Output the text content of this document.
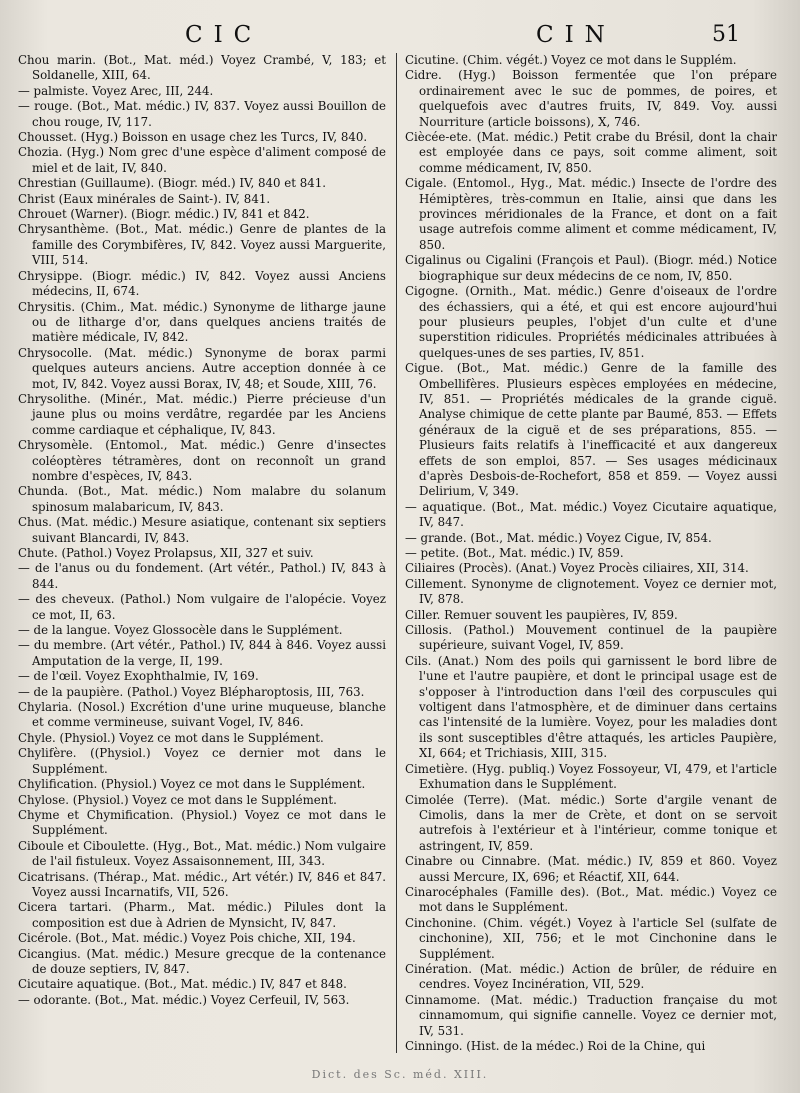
CIC	CIN	51

Chou marin. (Bot., Mat. méd.) Voyez Crambé, V, 183; et Soldanelle, XIII, 64.

— palmiste. Voyez Arec, III, 244.

— rouge. (Bot., Mat. médic.) IV, 837. Voyez aussi Bouillon de chou rouge, IV, 117.

Chousset. (Hyg.) Boisson en usage chez les Turcs, IV, 840.

Chozia. (Hyg.) Nom grec d'une espèce d'aliment composé de miel et de lait, IV, 840.

Chrestian (Guillaume). (Biogr. méd.) IV, 840 et 841.

Christ (Eaux minérales de Saint-). IV, 841.

Chrouet (Warner). (Biogr. médic.) IV, 841 et 842.

Chrysanthème. (Bot., Mat. médic.) Genre de plantes de la famille des Corymbifères, IV, 842. Voyez aussi Marguerite, VIII, 514.

Chrysippe. (Biogr. médic.) IV, 842. Voyez aussi Anciens médecins, II, 674.

Chrysitis. (Chim., Mat. médic.) Synonyme de litharge jaune ou de litharge d'or, dans quelques anciens traités de matière médicale, IV, 842.

Chrysocolle. (Mat. médic.) Synonyme de borax parmi quelques auteurs anciens. Autre acception donnée à ce mot, IV, 842. Voyez aussi Borax, IV, 48; et Soude, XIII, 76.

Chrysolithe. (Minér., Mat. médic.) Pierre précieuse d'un jaune plus ou moins verdâtre, regardée par les Anciens comme cardiaque et céphalique, IV, 843.

Chrysomèle. (Entomol., Mat. médic.) Genre d'insectes coléoptères tétramères, dont on reconnoît un grand nombre d'espèces, IV, 843.

Chunda. (Bot., Mat. médic.) Nom malabre du solanum spinosum malabaricum, IV, 843.

Chus. (Mat. médic.) Mesure asiatique, contenant six septiers suivant Blancardi, IV, 843.

Chute. (Pathol.) Voyez Prolapsus, XII, 327 et suiv.

— de l'anus ou du fondement. (Art vétér., Pathol.) IV, 843 à 844.

— des cheveux. (Pathol.) Nom vulgaire de l'alopécie. Voyez ce mot, II, 63.

— de la langue. Voyez Glossocèle dans le Supplément.

— du membre. (Art vétér., Pathol.) IV, 844 à 846. Voyez aussi Amputation de la verge, II, 199.

— de l'œil. Voyez Exophthalmie, IV, 169.

— de la paupière. (Pathol.) Voyez Blépharoptosis, III, 763.

Chylaria. (Nosol.) Excrétion d'une urine muqueuse, blanche et comme vermineuse, suivant Vogel, IV, 846.

Chyle. (Physiol.) Voyez ce mot dans le Supplément.

Chylifère. ((Physiol.) Voyez ce dernier mot dans le Supplément.

Chylification. (Physiol.) Voyez ce mot dans le Supplément.

Chylose. (Physiol.) Voyez ce mot dans le Supplément.

Chyme et Chymification. (Physiol.) Voyez ce mot dans le Supplément.

Ciboule et Ciboulette. (Hyg., Bot., Mat. médic.) Nom vulgaire de l'ail fistuleux. Voyez Assaisonnement, III, 343.

Cicatrisans. (Thérap., Mat. médic., Art vétér.) IV, 846 et 847. Voyez aussi Incarnatifs, VII, 526.

Cicera tartari. (Pharm., Mat. médic.) Pilules dont la composition est due à Adrien de Mynsicht, IV, 847.

Cicérole. (Bot., Mat. médic.) Voyez Pois chiche, XII, 194.

Cicangius. (Mat. médic.) Mesure grecque de la contenance de douze septiers, IV, 847.

Cicutaire aquatique. (Bot., Mat. médic.) IV, 847 et 848.

— odorante. (Bot., Mat. médic.) Voyez Cerfeuil, IV, 563.

Cicutine. (Chim. végét.) Voyez ce mot dans le Supplém.

Cidre. (Hyg.) Boisson fermentée que l'on prépare ordinairement avec le suc de pommes, de poires, et quelquefois avec d'autres fruits, IV, 849. Voy. aussi Nourriture (article boissons), X, 746.

Ciècée-ete. (Mat. médic.) Petit crabe du Brésil, dont la chair est employée dans ce pays, soit comme aliment, soit comme médicament, IV, 850.

Cigale. (Entomol., Hyg., Mat. médic.) Insecte de l'ordre des Hémiptères, très-commun en Italie, ainsi que dans les provinces méridionales de la France, et dont on a fait usage autrefois comme aliment et comme médicament, IV, 850.

Cigalinus ou Cigalini (François et Paul). (Biogr. méd.) Notice biographique sur deux médecins de ce nom, IV, 850.

Cigogne. (Ornith., Mat. médic.) Genre d'oiseaux de l'ordre des échassiers, qui a été, et qui est encore aujourd'hui pour plusieurs peuples, l'objet d'un culte et d'une superstition ridicules. Propriétés médicinales attribuées à quelques-unes de ses parties, IV, 851.

Cigue. (Bot., Mat. médic.) Genre de la famille des Ombellifères. Plusieurs espèces employées en médecine, IV, 851. — Propriétés médicales de la grande ciguë. Analyse chimique de cette plante par Baumé, 853. — Effets généraux de la ciguë et de ses préparations, 855. — Plusieurs faits relatifs à l'inefficacité et aux dangereux effets de son emploi, 857. — Ses usages médicinaux d'après Desbois-de-Rochefort, 858 et 859. — Voyez aussi Delirium, V, 349.

— aquatique. (Bot., Mat. médic.) Voyez Cicutaire aquatique, IV, 847.

— grande. (Bot., Mat. médic.) Voyez Cigue, IV, 854.

— petite. (Bot., Mat. médic.) IV, 859.

Ciliaires (Procès). (Anat.) Voyez Procès ciliaires, XII, 314.

Cillement. Synonyme de clignotement. Voyez ce dernier mot, IV, 878.

Ciller. Remuer souvent les paupières, IV, 859.

Cillosis. (Pathol.) Mouvement continuel de la paupière supérieure, suivant Vogel, IV, 859.

Cils. (Anat.) Nom des poils qui garnissent le bord libre de l'une et l'autre paupière, et dont le principal usage est de s'opposer à l'introduction dans l'œil des corpuscules qui voltigent dans l'atmosphère, et de diminuer dans certains cas l'intensité de la lumière. Voyez, pour les maladies dont ils sont susceptibles d'être attaqués, les articles Paupière, XI, 664; et Trichiasis, XIII, 315.

Cimetière. (Hyg. publiq.) Voyez Fossoyeur, VI, 479, et l'article Exhumation dans le Supplément.

Cimolée (Terre). (Mat. médic.) Sorte d'argile venant de Cimolis, dans la mer de Crète, et dont on se servoit autrefois à l'extérieur et à l'intérieur, comme tonique et astringent, IV, 859.

Cinabre ou Cinnabre. (Mat. médic.) IV, 859 et 860. Voyez aussi Mercure, IX, 696; et Réactif, XII, 644.

Cinarocéphales (Famille des). (Bot., Mat. médic.) Voyez ce mot dans le Supplément.

Cinchonine. (Chim. végét.) Voyez à l'article Sel (sulfate de cinchonine), XII, 756; et le mot Cinchonine dans le Supplément.

Cinération. (Mat. médic.) Action de brûler, de réduire en cendres. Voyez Incinération, VII, 529.

Cinnamome. (Mat. médic.) Traduction française du mot cinnamomum, qui signifie cannelle. Voyez ce dernier mot, IV, 531.

Cinningo. (Hist. de la médec.) Roi de la Chine, qui

Dict. des Sc. méd. XIII.
